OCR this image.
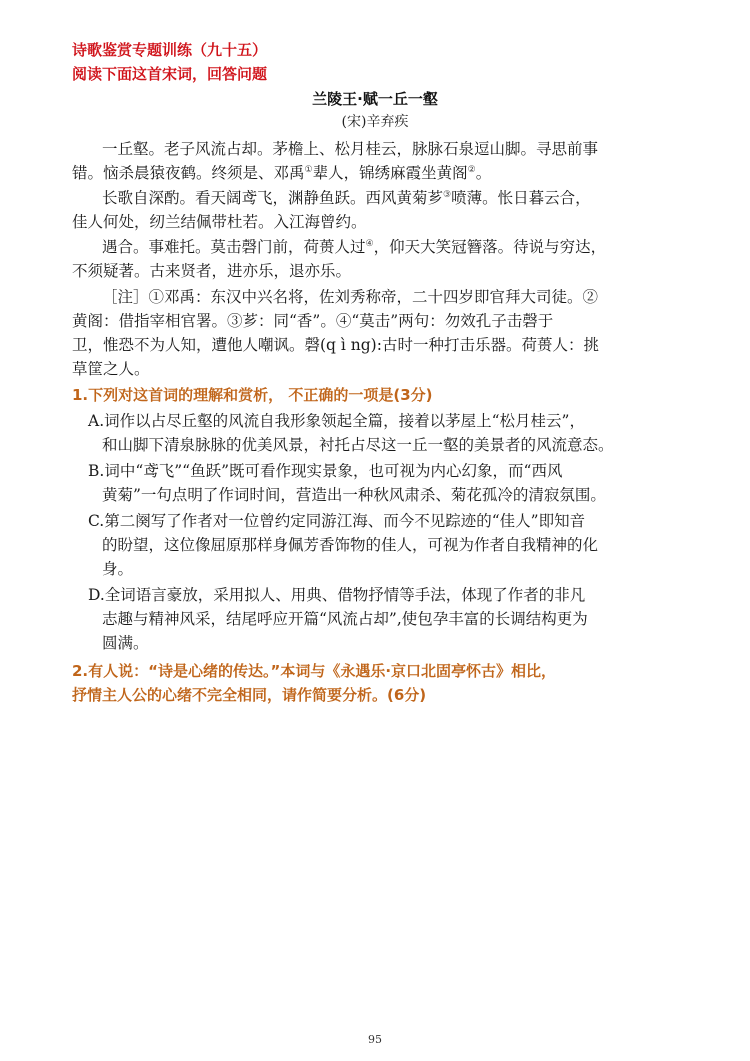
诗歌鉴赏专题训练（九十五）
阅读下面这首宋词，回答问题
兰陵王·赋一丘一壑
(宋)辛弃疾
一丘壑。老子风流占却。茅檐上、松月桂云，脉脉石泉逗山脚。寻思前事
错。恼杀晨猿夜鹤。终须是、邓禹①辈人，锦绣麻霞坐黄阁②。
长歌自深酌。看天阔鸢飞，渊静鱼跃。西风黄菊芗③喷薄。怅日暮云合，
佳人何处，纫兰结佩带杜若。入江海曾约。
遇合。事难托。莫击磬门前，荷蒉人过④，仰天大笑冠簪落。待说与穷达，
不须疑著。古来贤者，进亦乐，退亦乐。
［注］①邓禹：东汉中兴名将，佐刘秀称帝，二十四岁即官拜大司徒。②
黄阁：借指宰相官署。③芗：同“香”。④“莫击”两句：勿效孔子击磬于
卫，惟恐不为人知，遭他人嘲讽。磬(q ì ng):古时一种打击乐器。荷蒉人：挑
草筐之人。
1.下列对这首词的理解和赏析， 不正确的一项是(3分)
A.词作以占尽丘壑的风流自我形象领起全篇，接着以茅屋上“松月桂云”，
和山脚下清泉脉脉的优美风景，衬托占尽这一丘一壑的美景者的风流意态。
B.词中“鸢飞”“鱼跃”既可看作现实景象，也可视为内心幻象，而“西风
黄菊”一句点明了作词时间，营造出一种秋风肃杀、菊花孤冷的清寂氛围。
C.第二阕写了作者对一位曾约定同游江海、而今不见踪迹的“佳人”即知音
的盼望，这位像屈原那样身佩芳香饰物的佳人，可视为作者自我精神的化
身。
D.全词语言豪放，采用拟人、用典、借物抒情等手法，体现了作者的非凡
志趣与精神风采，结尾呼应开篇“风流占却”,使包孕丰富的长调结构更为
圆满。
2.有人说：“诗是心绪的传达。”本词与《永遇乐·京口北固亭怀古》相比，
抒情主人公的心绪不完全相同，请作简要分析。(6分)
95
